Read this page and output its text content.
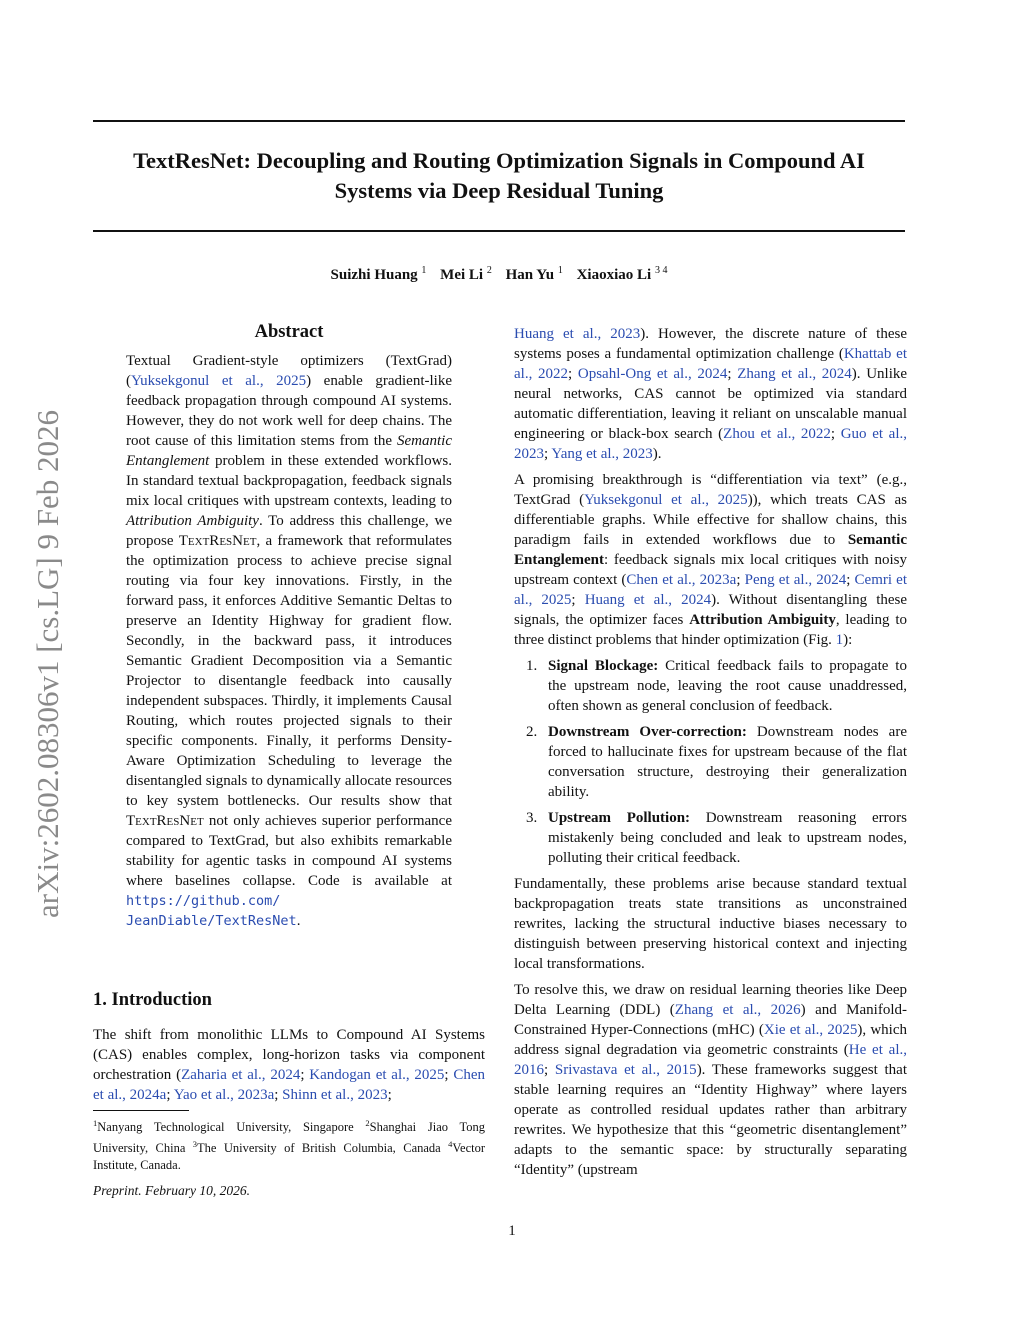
TextResNet: Decoupling and Routing Optimization Signals in Compound AI
Systems via Deep Residual Tuning
Suizhi Huang $^1$ Mei Li $^2$ Han Yu $^1$ Xiaoxiao Li $^{3 4}$
arXiv:2602.08306v1 [cs.LG] 9 Feb 2026
Abstract
Textual Gradient-style optimizers (TextGrad) (Yuksekgonul et al., 2025) enable gradient-like feedback propagation through compound AI systems. However, they do not work well for deep chains. The root cause of this limitation stems from the Semantic Entanglement problem in these extended workflows. In standard textual backpropagation, feedback signals mix local critiques with upstream contexts, leading to Attribution Ambiguity. To address this challenge, we propose TextResNet, a framework that reformulates the optimization process to achieve precise signal routing via four key innovations. Firstly, in the forward pass, it enforces Additive Semantic Deltas to preserve an Identity Highway for gradient flow. Secondly, in the backward pass, it introduces Semantic Gradient Decomposition via a Semantic Projector to disentangle feedback into causally independent subspaces. Thirdly, it implements Causal Routing, which routes projected signals to their specific components. Finally, it performs Density-Aware Optimization Scheduling to leverage the disentangled signals to dynamically allocate resources to key system bottlenecks. Our results show that TextResNet not only achieves superior performance compared to TextGrad, but also exhibits remarkable stability for agentic tasks in compound AI systems where baselines collapse. Code is available at https://github.com/ JeanDiable/TextResNet.
1. Introduction
The shift from monolithic LLMs to Compound AI Systems (CAS) enables complex, long-horizon tasks via component orchestration (Zaharia et al., 2024; Kandogan et al., 2025; Chen et al., 2024a; Yao et al., 2023a; Shinn et al., 2023;
$^1$Nanyang Technological University, Singapore $^2$Shanghai Jiao Tong University, China $^3$The University of British Columbia, Canada $^4$Vector Institute, Canada.
Preprint. February 10, 2026.

Huang et al., 2023). However, the discrete nature of these systems poses a fundamental optimization challenge (Khattab et al., 2022; Opsahl-Ong et al., 2024; Zhang et al., 2024). Unlike neural networks, CAS cannot be optimized via standard automatic differentiation, leaving it reliant on unscalable manual engineering or black-box search (Zhou et al., 2022; Guo et al., 2023; Yang et al., 2023).

A promising breakthrough is “differentiation via text” (e.g., TextGrad (Yuksekgonul et al., 2025)), which treats CAS as differentiable graphs. While effective for shallow chains, this paradigm fails in extended workflows due to Semantic Entanglement: feedback signals mix local critiques with noisy upstream context (Chen et al., 2023a; Peng et al., 2024; Cemri et al., 2025; Huang et al., 2024). Without disentangling these signals, the optimizer faces Attribution Ambiguity, leading to three distinct problems that hinder optimization (Fig. 1):

1. Signal Blockage: Critical feedback fails to propagate to the upstream node, leaving the root cause unaddressed, often shown as general conclusion of feedback.
2. Downstream Over-correction: Downstream nodes are forced to hallucinate fixes for upstream because of the flat conversation structure, destroying their generalization ability.
3. Upstream Pollution: Downstream reasoning errors mistakenly being concluded and leak to upstream nodes, polluting their critical feedback.

Fundamentally, these problems arise because standard textual backpropagation treats state transitions as unconstrained rewrites, lacking the structural inductive biases necessary to distinguish between preserving historical context and injecting local transformations.

To resolve this, we draw on residual learning theories like Deep Delta Learning (DDL) (Zhang et al., 2026) and Manifold-Constrained Hyper-Connections (mHC) (Xie et al., 2025), which address signal degradation via geometric constraints (He et al., 2016; Srivastava et al., 2015). These frameworks suggest that stable learning requires an “Identity Highway” where layers operate as controlled residual updates rather than arbitrary rewrites. We hypothesize that this “geometric disentanglement” adapts to the semantic space: by structurally separating “Identity” (upstream

1
